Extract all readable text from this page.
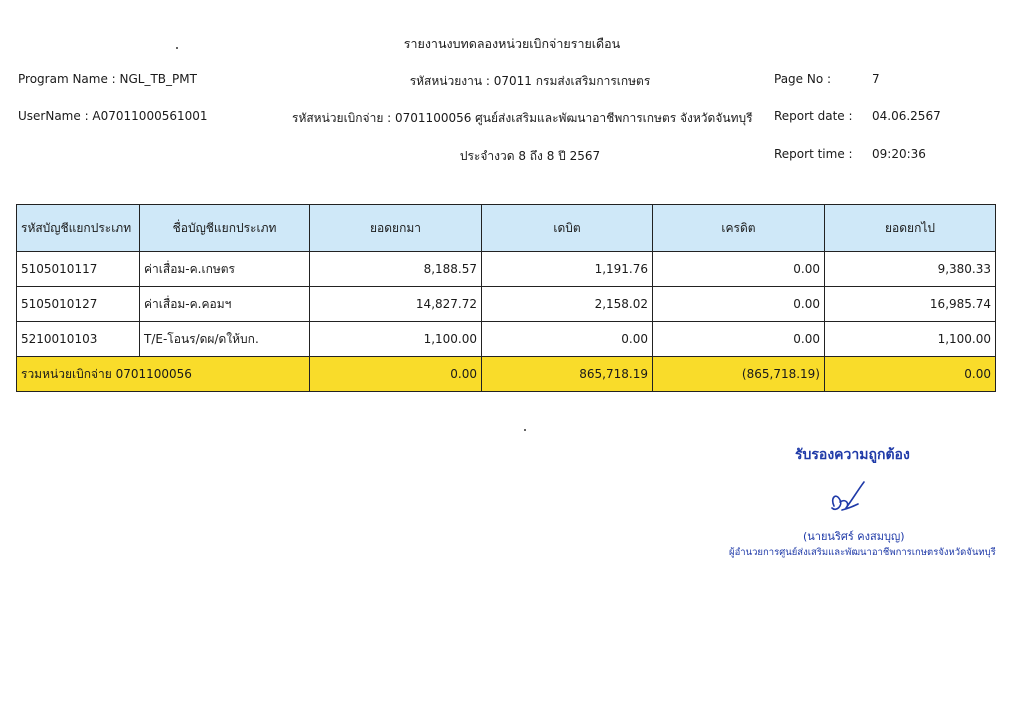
รายงานงบทดลองหน่วยเบิกจ่ายรายเดือน
Program Name : NGL_TB_PMT	รหัสหน่วยงาน : 07011 กรมส่งเสริมการเกษตร	Page No :	7
UserName : A07011000561001	รหัสหน่วยเบิกจ่าย : 0701100056 ศูนย์ส่งเสริมและพัฒนาอาชีพการเกษตร จังหวัดจันทบุรี Report date : 04.06.2567
ประจำงวด 8 ถึง 8 ปี 2567	Report time : 09:20:36
รหัสบัญชีแยกประเภท	ชื่อบัญชีแยกประเภท	ยอดยกมา	เดบิต	เครดิต	ยอดยกไป
5105010117	ค่าเสื่อม-ค.เกษตร	8,188.57	1,191.76	0.00	9,380.33
5105010127	ค่าเสื่อม-ค.คอมฯ	14,827.72	2,158.02	0.00	16,985.74
5210010103	T/E-โอนร/ดผ/ดให้บก.	1,100.00	0.00	0.00	1,100.00
รวมหน่วยเบิกจ่าย 0701100056		0.00	865,718.19	(865,718.19)	0.00
รับรองความถูกต้อง
(นายนริศร์ คงสมบุญ)
ผู้อำนวยการศูนย์ส่งเสริมและพัฒนาอาชีพการเกษตรจังหวัดจันทบุรี
